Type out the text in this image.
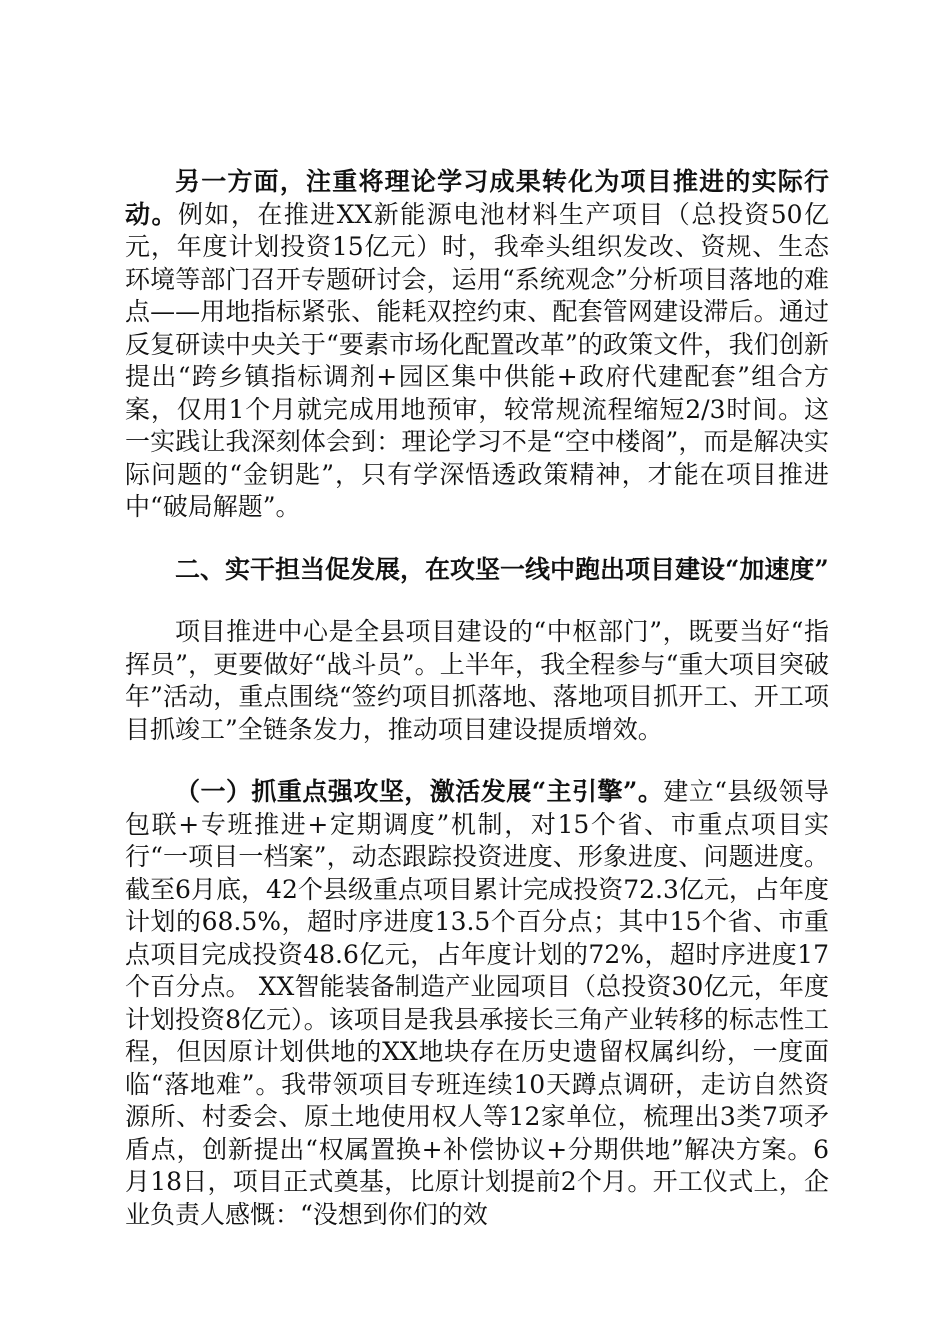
另一方面，注重将理论学习成果转化为项目推进的实际行动。例如，在推进XX新能源电池材料生产项目（总投资50亿元，年度计划投资15亿元）时，我牵头组织发改、资规、生态环境等部门召开专题研讨会，运用“系统观念”分析项目落地的难点——用地指标紧张、能耗双控约束、配套管网建设滞后。通过反复研读中央关于“要素市场化配置改革”的政策文件，我们创新提出“跨乡镇指标调剂+园区集中供能+政府代建配套”组合方案，仅用1个月就完成用地预审，较常规流程缩短2/3时间。这一实践让我深刻体会到：理论学习不是“空中楼阁”，而是解决实际问题的“金钥匙”，只有学深悟透政策精神，才能在项目推进中“破局解题”。

二、实干担当促发展，在攻坚一线中跑出项目建设“加速度”

项目推进中心是全县项目建设的“中枢部门”，既要当好“指挥员”，更要做好“战斗员”。上半年，我全程参与“重大项目突破年”活动，重点围绕“签约项目抓落地、落地项目抓开工、开工项目抓竣工”全链条发力，推动项目建设提质增效。

（一）抓重点强攻坚，激活发展“主引擎”。建立“县级领导包联+专班推进+定期调度”机制，对15个省、市重点项目实行“一项目一档案”，动态跟踪投资进度、形象进度、问题进度。截至6月底，42个县级重点项目累计完成投资72.3亿元，占年度计划的68.5%，超时序进度13.5个百分点；其中15个省、市重点项目完成投资48.6亿元，占年度计划的72%，超时序进度17个百分点。 XX智能装备制造产业园项目（总投资30亿元，年度计划投资8亿元）。该项目是我县承接长三角产业转移的标志性工程，但因原计划供地的XX地块存在历史遗留权属纠纷，一度面临“落地难”。我带领项目专班连续10天蹲点调研，走访自然资源所、村委会、原土地使用权人等12家单位，梳理出3类7项矛盾点，创新提出“权属置换+补偿协议+分期供地”解决方案。6月18日，项目正式奠基，比原计划提前2个月。开工仪式上，企业负责人感慨：“没想到你们的效
